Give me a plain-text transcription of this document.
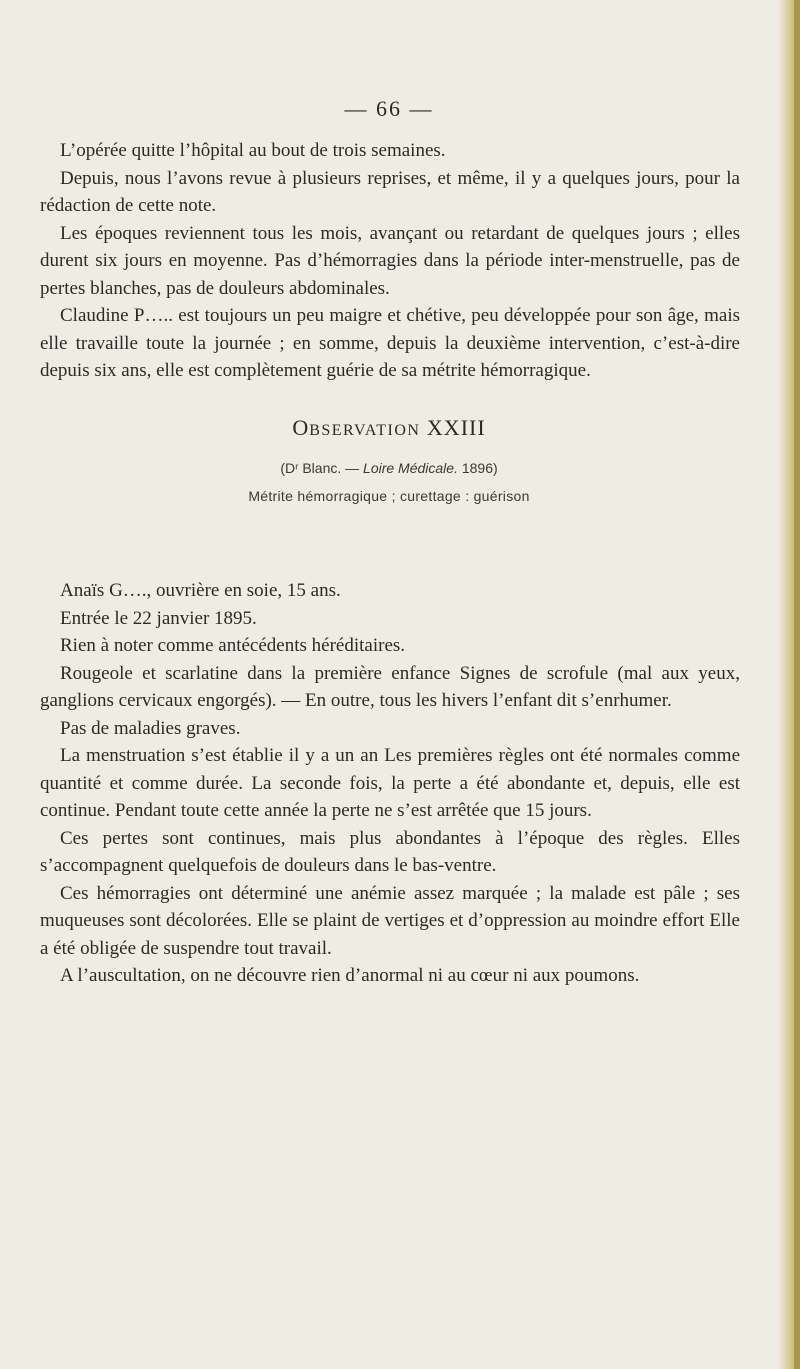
— 66 —

L’opérée quitte l’hôpital au bout de trois semaines.

Depuis, nous l’avons revue à plusieurs reprises, et même, il y a quelques jours, pour la rédaction de cette note.

Les époques reviennent tous les mois, avançant ou retardant de quelques jours ; elles durent six jours en moyenne. Pas d’hémorragies dans la période inter-menstruelle, pas de pertes blanches, pas de douleurs abdominales.

Claudine P….. est toujours un peu maigre et chétive, peu développée pour son âge, mais elle travaille toute la journée ; en somme, depuis la deuxième intervention, c’est-à-dire depuis six ans, elle est complètement guérie de sa métrite hémorragique.

OBSERVATION XXIII
(Dʳ Blanc. — Loire Médicale. 1896)
Métrite hémorragique ; curettage : guérison

Anaïs G…., ouvrière en soie, 15 ans.

Entrée le 22 janvier 1895.

Rien à noter comme antécédents héréditaires.

Rougeole et scarlatine dans la première enfance Signes de scrofule (mal aux yeux, ganglions cervicaux engorgés). — En outre, tous les hivers l’enfant dit s’enrhumer.

Pas de maladies graves.

La menstruation s’est établie il y a un an Les premières règles ont été normales comme quantité et comme durée. La seconde fois, la perte a été abondante et, depuis, elle est continue. Pendant toute cette année la perte ne s’est arrêtée que 15 jours.

Ces pertes sont continues, mais plus abondantes à l’époque des règles. Elles s’accompagnent quelquefois de douleurs dans le bas-ventre.

Ces hémorragies ont déterminé une anémie assez marquée ; la malade est pâle ; ses muqueuses sont décolorées. Elle se plaint de vertiges et d’oppression au moindre effort Elle a été obligée de suspendre tout travail.

A l’auscultation, on ne découvre rien d’anormal ni au cœur ni aux poumons.
